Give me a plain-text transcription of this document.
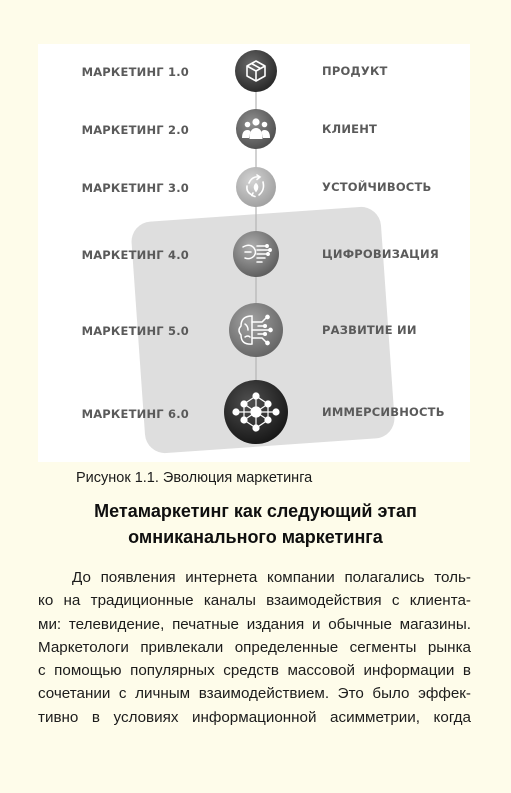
МАРКЕТИНГ 1.0	ПРОДУКТ
МАРКЕТИНГ 2.0	КЛИЕНТ
МАРКЕТИНГ 3.0	УСТОЙЧИВОСТЬ
МАРКЕТИНГ 4.0	ЦИФРОВИЗАЦИЯ
МАРКЕТИНГ 5.0	РАЗВИТИЕ ИИ
МАРКЕТИНГ 6.0	ИММЕРСИВНОСТЬ
Рисунок 1.1. Эволюция маркетинга
Метамаркетинг как следующий этап
омниканального маркетинга
До появления интернета компании полагались толь-
ко на традиционные каналы взаимодействия с клиента-
ми: телевидение, печатные издания и обычные магазины.
Маркетологи привлекали определенные сегменты рынка
с помощью популярных средств массовой информации в
сочетании с личным взаимодействием. Это было эффек-
тивно в условиях информационной асимметрии, когда
